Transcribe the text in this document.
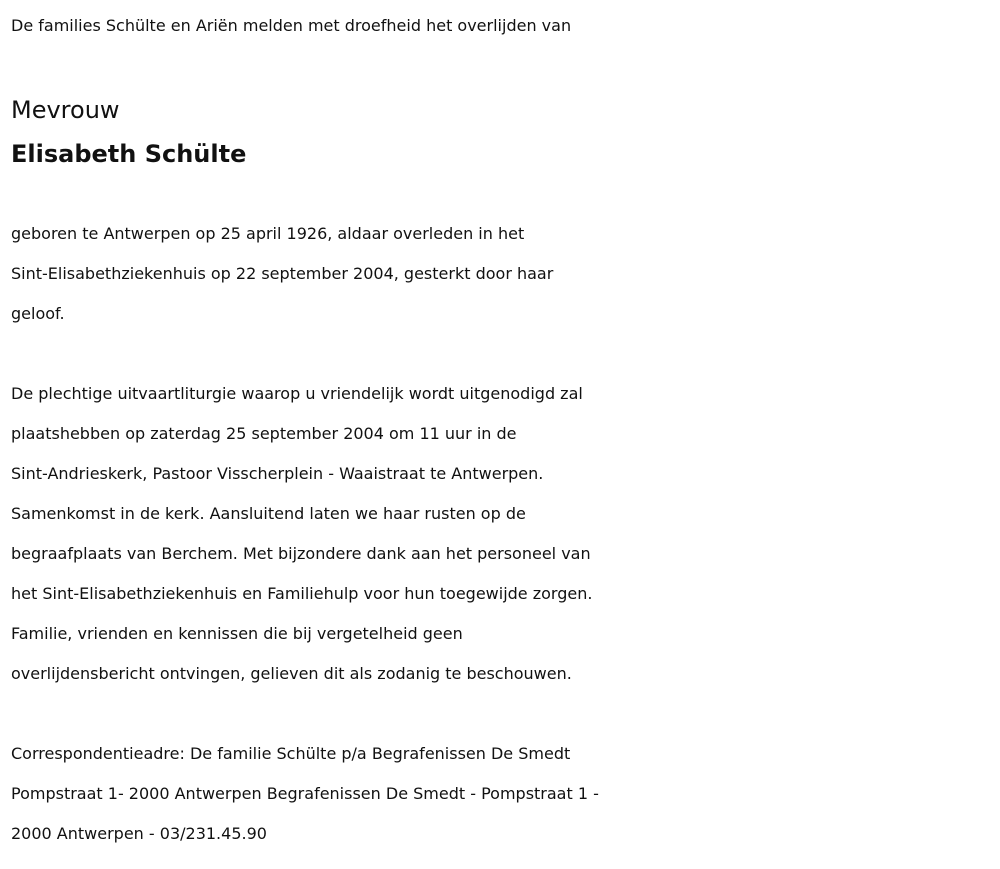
De families Schülte en Ariën melden met droefheid het overlijden van
Mevrouw
Elisabeth Schülte
geboren te Antwerpen op 25 april 1926, aldaar overleden in het
Sint-Elisabethziekenhuis op 22 september 2004, gesterkt door haar
geloof.
De plechtige uitvaartliturgie waarop u vriendelijk wordt uitgenodigd zal
plaatshebben op zaterdag 25 september 2004 om 11 uur in de
Sint-Andrieskerk, Pastoor Visscherplein - Waaistraat te Antwerpen.
Samenkomst in de kerk. Aansluitend laten we haar rusten op de
begraafplaats van Berchem. Met bijzondere dank aan het personeel van
het Sint-Elisabethziekenhuis en Familiehulp voor hun toegewijde zorgen.
Familie, vrienden en kennissen die bij vergetelheid geen
overlijdensbericht ontvingen, gelieven dit als zodanig te beschouwen.
Correspondentieadre: De familie Schülte p/a Begrafenissen De Smedt
Pompstraat 1- 2000 Antwerpen Begrafenissen De Smedt - Pompstraat 1 -
2000 Antwerpen - 03/231.45.90
